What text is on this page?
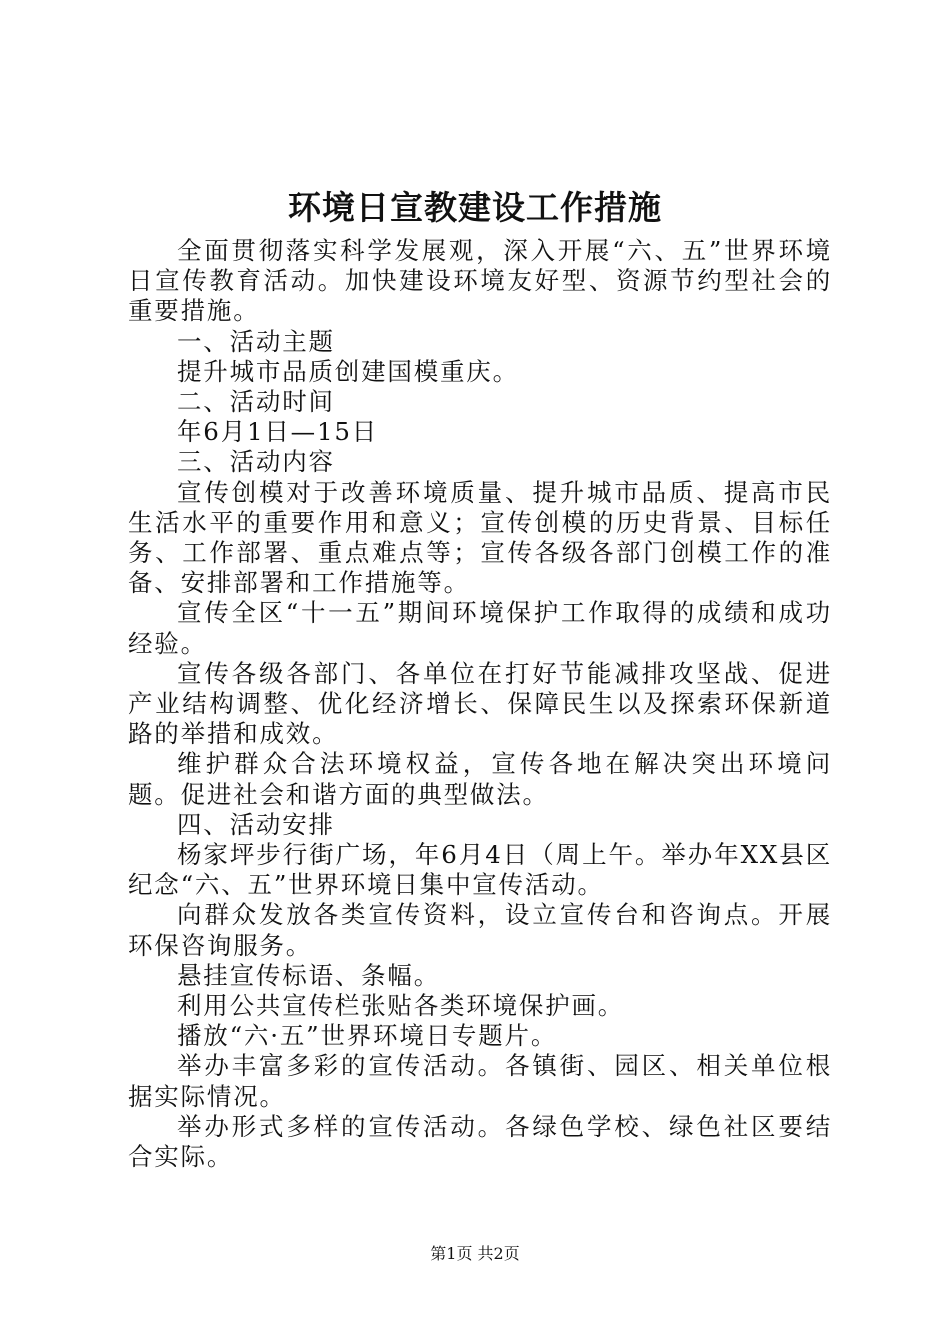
环境日宣教建设工作措施

全面贯彻落实科学发展观，深入开展“六、五”世界环境日宣传教育活动。加快建设环境友好型、资源节约型社会的重要措施。

一、活动主题

提升城市品质创建国模重庆。

二、活动时间

年6月1日—15日

三、活动内容

宣传创模对于改善环境质量、提升城市品质、提高市民生活水平的重要作用和意义；宣传创模的历史背景、目标任务、工作部署、重点难点等；宣传各级各部门创模工作的准备、安排部署和工作措施等。

宣传全区“十一五”期间环境保护工作取得的成绩和成功经验。

宣传各级各部门、各单位在打好节能减排攻坚战、促进产业结构调整、优化经济增长、保障民生以及探索环保新道路的举措和成效。

维护群众合法环境权益，宣传各地在解决突出环境问题。促进社会和谐方面的典型做法。

四、活动安排

杨家坪步行街广场，年6月4日（周上午。举办年XX县区纪念“六、五”世界环境日集中宣传活动。

向群众发放各类宣传资料，设立宣传台和咨询点。开展环保咨询服务。

悬挂宣传标语、条幅。

利用公共宣传栏张贴各类环境保护画。

播放“六·五”世界环境日专题片。

举办丰富多彩的宣传活动。各镇街、园区、相关单位根据实际情况。

举办形式多样的宣传活动。各绿色学校、绿色社区要结合实际。

第1页 共2页
